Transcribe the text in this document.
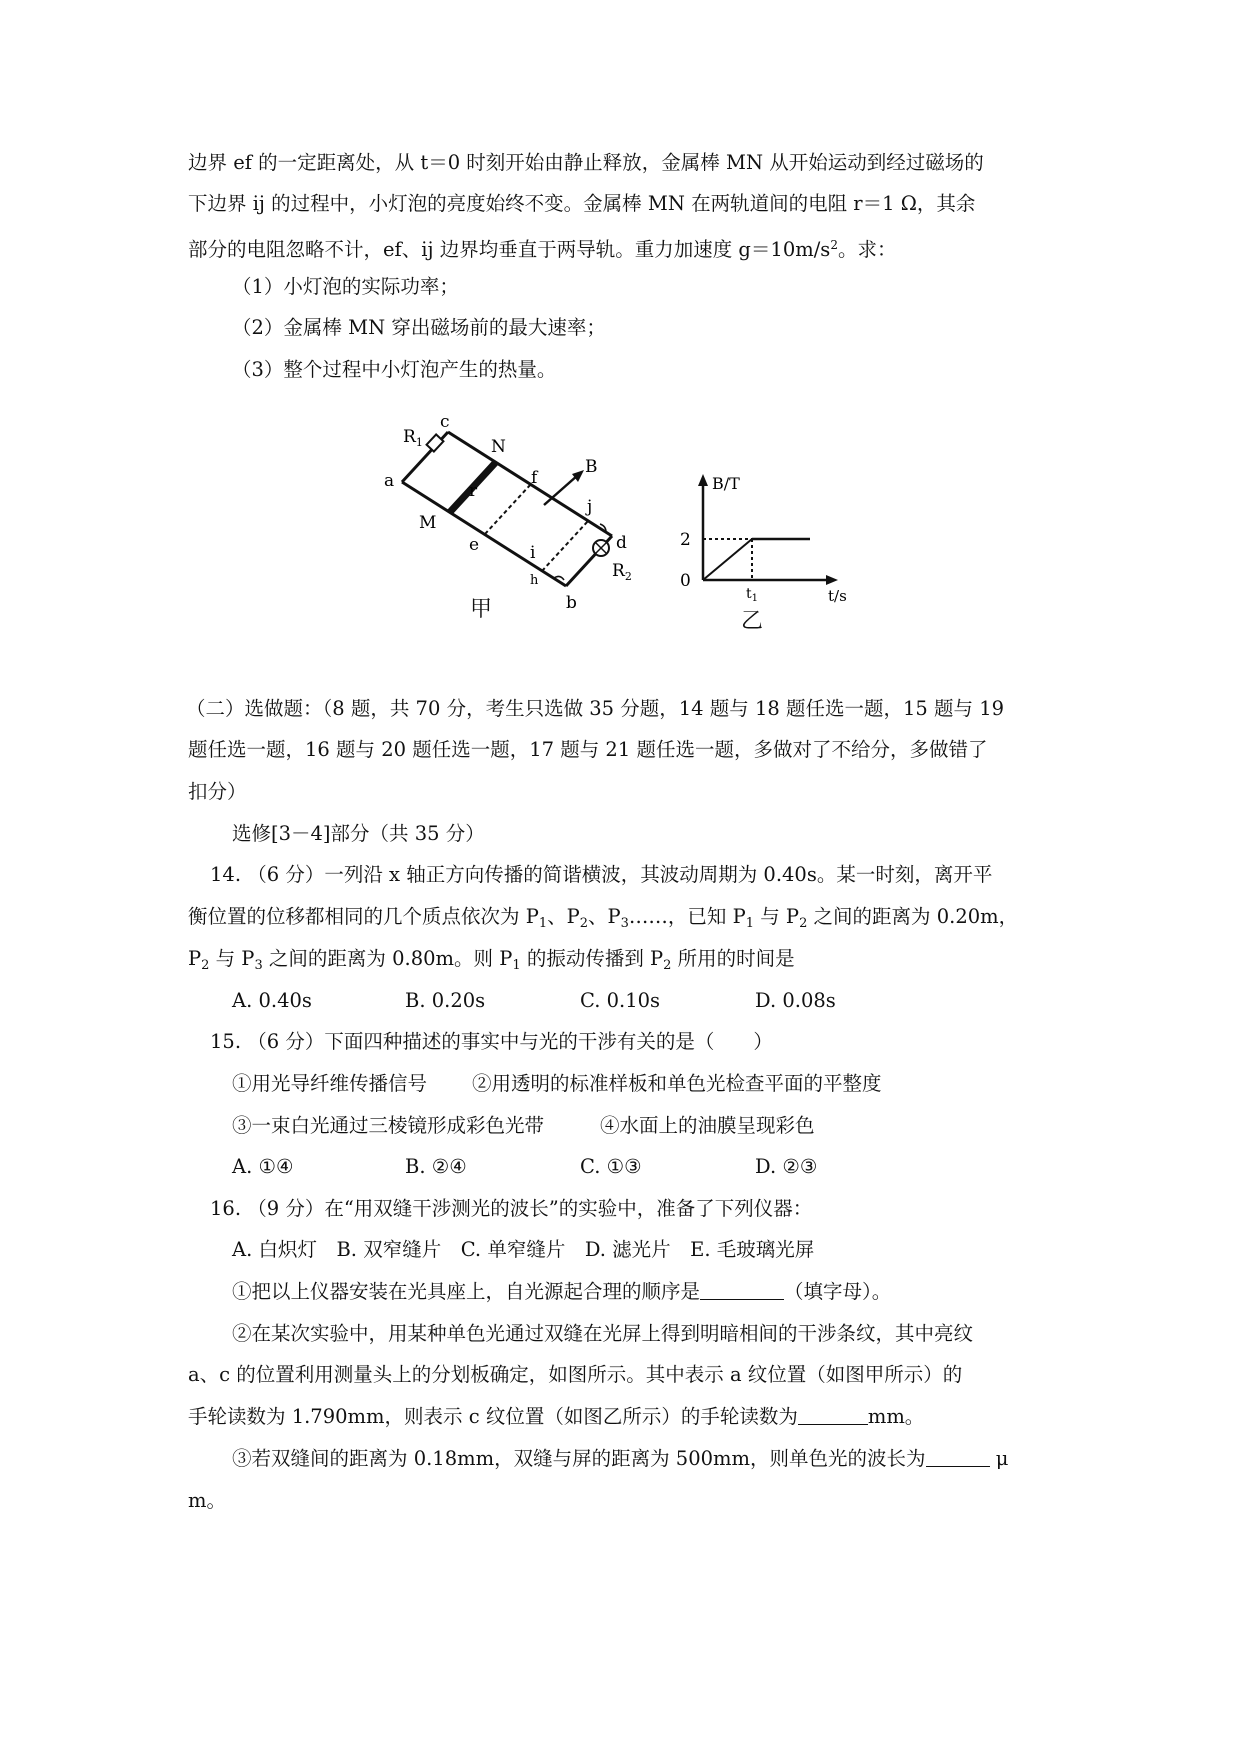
边界 ef 的一定距离处，从 t＝0 时刻开始由静止释放，金属棒 MN 从开始运动到经过磁场的
下边界 ij 的过程中，小灯泡的亮度始终不变。金属棒 MN 在两轨道间的电阻 r＝1 Ω，其余
部分的电阻忽略不计，ef、ij 边界均垂直于两导轨。重力加速度 $g=10m/s^2$。求：
（1）小灯泡的实际功率；
（2）金属棒 MN 穿出磁场前的最大速率；
（3）整个过程中小灯泡产生的热量。
$R_1$
c
N
a	r
f
B
j
M
e	i	d
$R_2$
h
b
甲
B/T
2
0
$t_1$	t/s
乙
（二）选做题：（8 题，共 70 分，考生只选做 35 分题，14 题与 18 题任选一题，15 题与 19
题任选一题，16 题与 20 题任选一题，17 题与 21 题任选一题，多做对了不给分，多做错了
扣分）
选修[3－4]部分（共 35 分）
14. （6 分）一列沿 x 轴正方向传播的简谐横波，其波动周期为 0.40s。某一时刻，离开平
衡位置的位移都相同的几个质点依次为 $P_1$、$P_2$、$P_3\dots\dots$，已知 $P_1$ 与 $P_2$ 之间的距离为 0.20m，
$P_2$ 与 $P_3$ 之间的距离为 0.80m。则 $P_1$ 的振动传播到 $P_2$ 所用的时间是
A. 0.40s	B. 0.20s	C. 0.10s	D. 0.08s
15. （6 分）下面四种描述的事实中与光的干涉有关的是（　　）
①用光导纤维传播信号 ②用透明的标准样板和单色光检查平面的平整度
③一束白光通过三棱镜形成彩色光带	④水面上的油膜呈现彩色
A. ①④	B. ②④	C. ①③	D. ②③
16. （9 分）在“用双缝干涉测光的波长”的实验中，准备了下列仪器：
A. 白炽灯　B. 双窄缝片　C. 单窄缝片　D. 滤光片　E. 毛玻璃光屏
①把以上仪器安装在光具座上，自光源起合理的顺序是	（填字母）。
②在某次实验中，用某种单色光通过双缝在光屏上得到明暗相间的干涉条纹，其中亮纹
a、c 的位置利用测量头上的分划板确定，如图所示。其中表示 a 纹位置（如图甲所示）的
手轮读数为 1.790mm，则表示 c 纹位置（如图乙所示）的手轮读数为	mm。
③若双缝间的距离为 0.18mm，双缝与屏的距离为 500mm，则单色光的波长为	μ
m。
